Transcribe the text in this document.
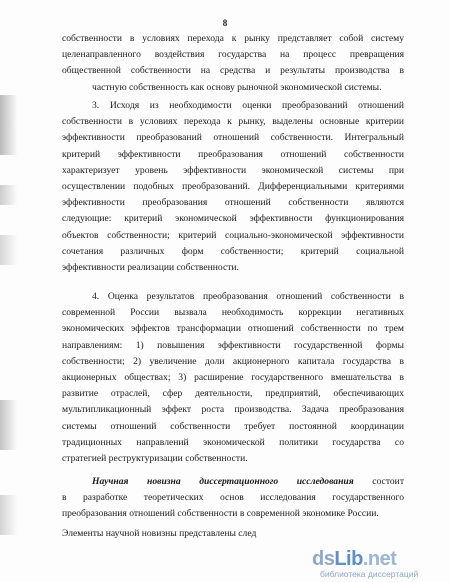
8
собственности в условиях перехода к рынку представляет собой систему
целенаправленного воздействия государства на процесс превращения
общественной собственности на средства и результаты производства в
частную собственность как основу рыночной экономической системы.
3. Исходя из необходимости оценки преобразований отношений
собственности в условиях перехода к рынку, выделены основные критерии
эффективности преобразований отношений собственности. Интегральный
критерий эффективности преобразования отношений собственности
характеризует уровень эффективности экономической системы при
осуществлении подобных преобразований. Дифференциальными критериями
эффективности преобразования отношений собственности являются
следующие: критерий экономической эффективности функционирования
объектов собственности; критерий социально-экономической эффективности
сочетания различных форм собственности; критерий социальной
эффективности реализации собственности.
4. Оценка результатов преобразования отношений собственности в
современной России вызвала необходимость коррекции негативных
экономических эффектов трансформации отношений собственности по трем
направлениям: 1) повышения эффективности государственной формы
собственности; 2) увеличение доли акционерного капитала государства в
акционерных обществах; 3) расширение государственного вмешательства в
развитие отраслей, сфер деятельности, предприятий, обеспечивающих
мультипликационный эффект роста производства. Задача преобразования
системы отношений собственности требует постоянной координации
традиционных направлений экономической политики государства со
стратегией реструктуризации собственности.
Научная новизна диссертационного исследования состоит
в разработке теоретических основ исследования государственного
преобразования отношений собственности в современной экономике России.
Элементы научной новизны представлены след
dsLib.net
библиотека диссертаций
